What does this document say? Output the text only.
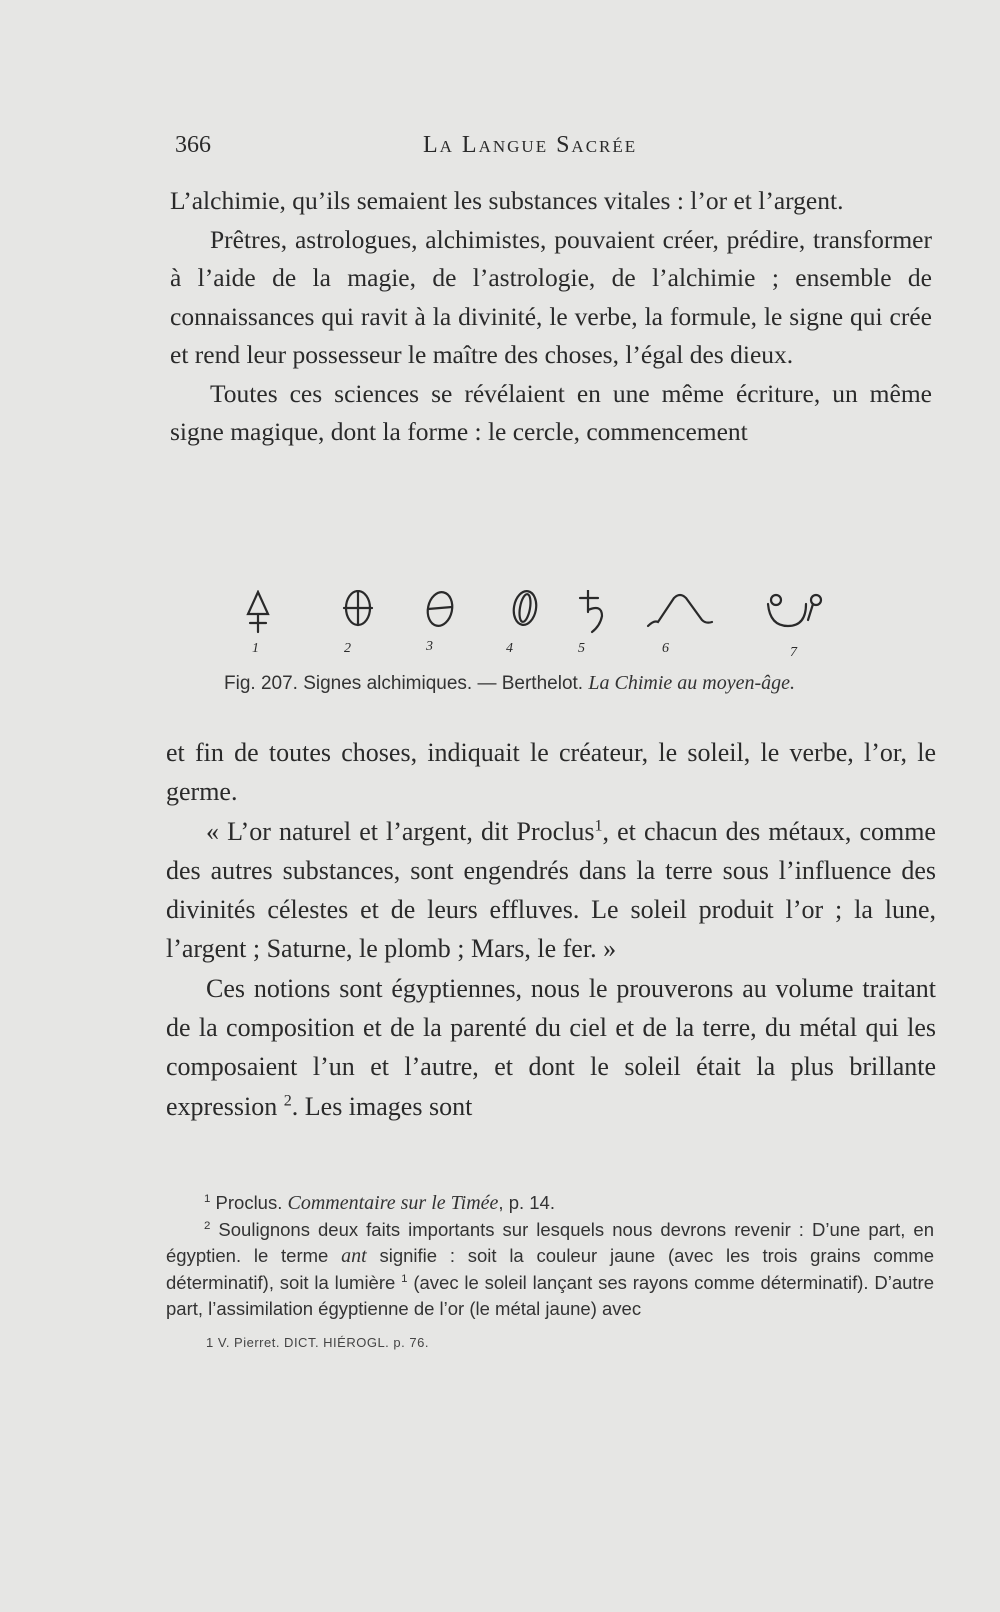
366	La Langue Sacrée

L’alchimie, qu’ils semaient les substances vitales : l’or et l’argent.

Prêtres, astrologues, alchimistes, pouvaient créer, prédire, transformer à l’aide de la magie, de l’astrologie, de l’alchimie ; ensemble de connaissances qui ravit à la divinité, le verbe, la formule, le signe qui crée et rend leur possesseur le maître des choses, l’égal des dieux.

Toutes ces sciences se révélaient en une même écriture, un même signe magique, dont la forme : le cercle, commencement

1	2	3	4	5	6	7
Fig. 207. Signes alchimiques. — Berthelot. La Chimie au moyen-âge.

et fin de toutes choses, indiquait le créateur, le soleil, le verbe, l’or, le germe.

« L’or naturel et l’argent, dit Proclus$^1$, et chacun des métaux, comme des autres substances, sont engendrés dans la terre sous l’influence des divinités célestes et de leurs effluves. Le soleil produit l’or ; la lune, l’argent ; Saturne, le plomb ; Mars, le fer. »

Ces notions sont égyptiennes, nous le prouverons au volume traitant de la composition et de la parenté du ciel et de la terre, du métal qui les composaient l’un et l’autre, et dont le soleil était la plus brillante expression $^2$. Les images sont

$^1$ Proclus. Commentaire sur le Timée, p. 14.

$^2$ Soulignons deux faits importants sur lesquels nous devrons revenir : D’une part, en égyptien. le terme ant signifie : soit la couleur jaune (avec les trois grains comme déterminatif), soit la lumière $^1$ (avec le soleil lançant ses rayons comme déterminatif). D’autre part, l’assimilation égyptienne de l’or (le métal jaune) avec

1 V. Pierret. DICT. HIÉROGL. p. 76.
